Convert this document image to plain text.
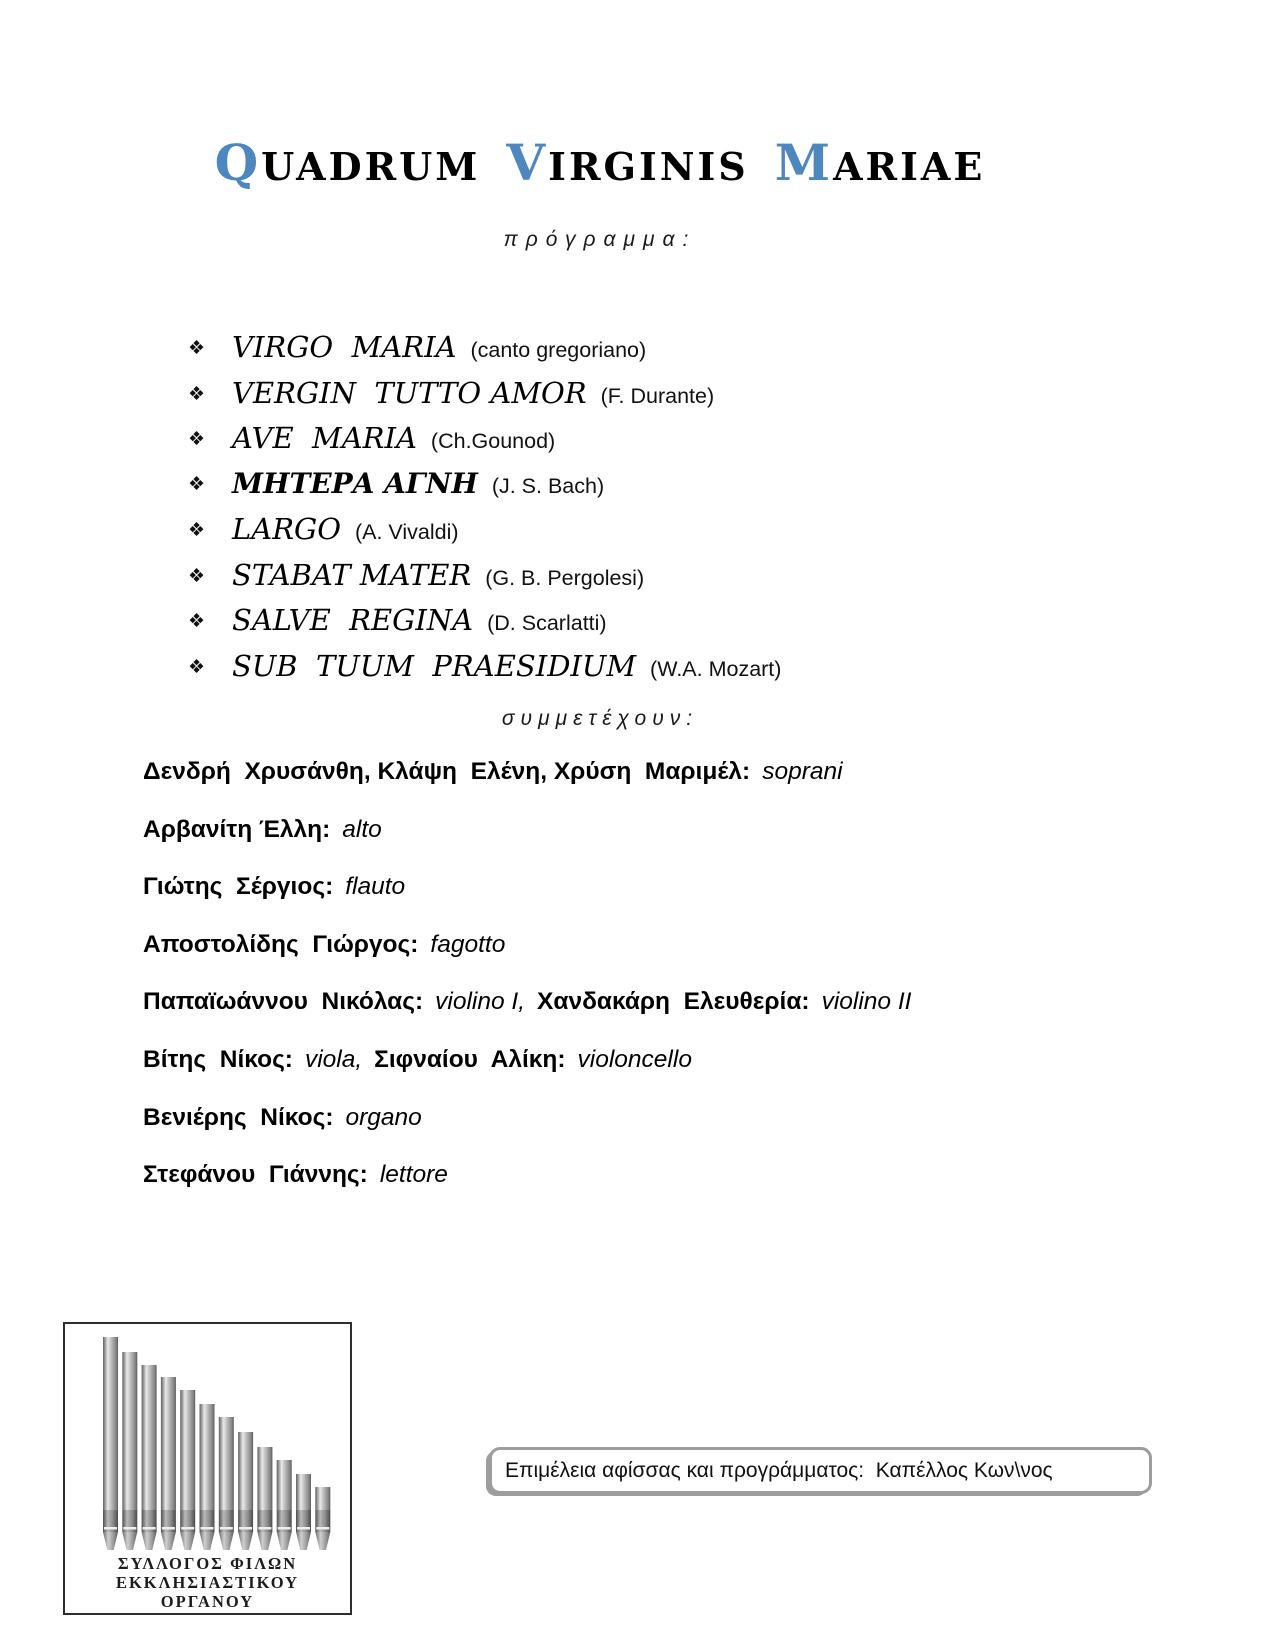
QUADRUM VIRGINIS MARIAE
πρόγραμμα:
❖ VIRGO  MARIA (canto gregoriano)
❖ VERGIN  TUTTO AMOR (F. Durante)
❖ AVE  MARIA (Ch.Gounod)
❖ ΜΗΤΕΡΑ ΑΓΝΗ (J. S. Bach)
❖ LARGO (A. Vivaldi)
❖ STABAT MATER (G. B. Pergolesi)
❖ SALVE  REGINA (D. Scarlatti)
❖ SUB  TUUM  PRAESIDIUM (W.A. Mozart)
συμμετέχουν:
Δενδρή  Χρυσάνθη, Κλάψη  Ελένη, Χρύση  Μαριμέλ: soprani
Αρβανίτη Έλλη: alto
Γιώτης  Σέργιος: flauto
Αποστολίδης  Γιώργος: fagotto
Παπαϊωάννου  Νικόλας: violino I, Χανδακάρη  Ελευθερία: violino II
Βίτης  Νίκος: viola, Σιφναίου  Αλίκη: violoncello
Βενιέρης  Νίκος: organo
Στεφάνου  Γιάννης: lettore
ΣΥΛΛΟΓΟΣ ΦΙΛΩΝ
ΕΚΚΛΗΣΙΑΣΤΙΚΟΥ
ΟΡΓΑΝΟΥ
Επιμέλεια αφίσσας και προγράμματος:  Καπέλλος Κων\νος
